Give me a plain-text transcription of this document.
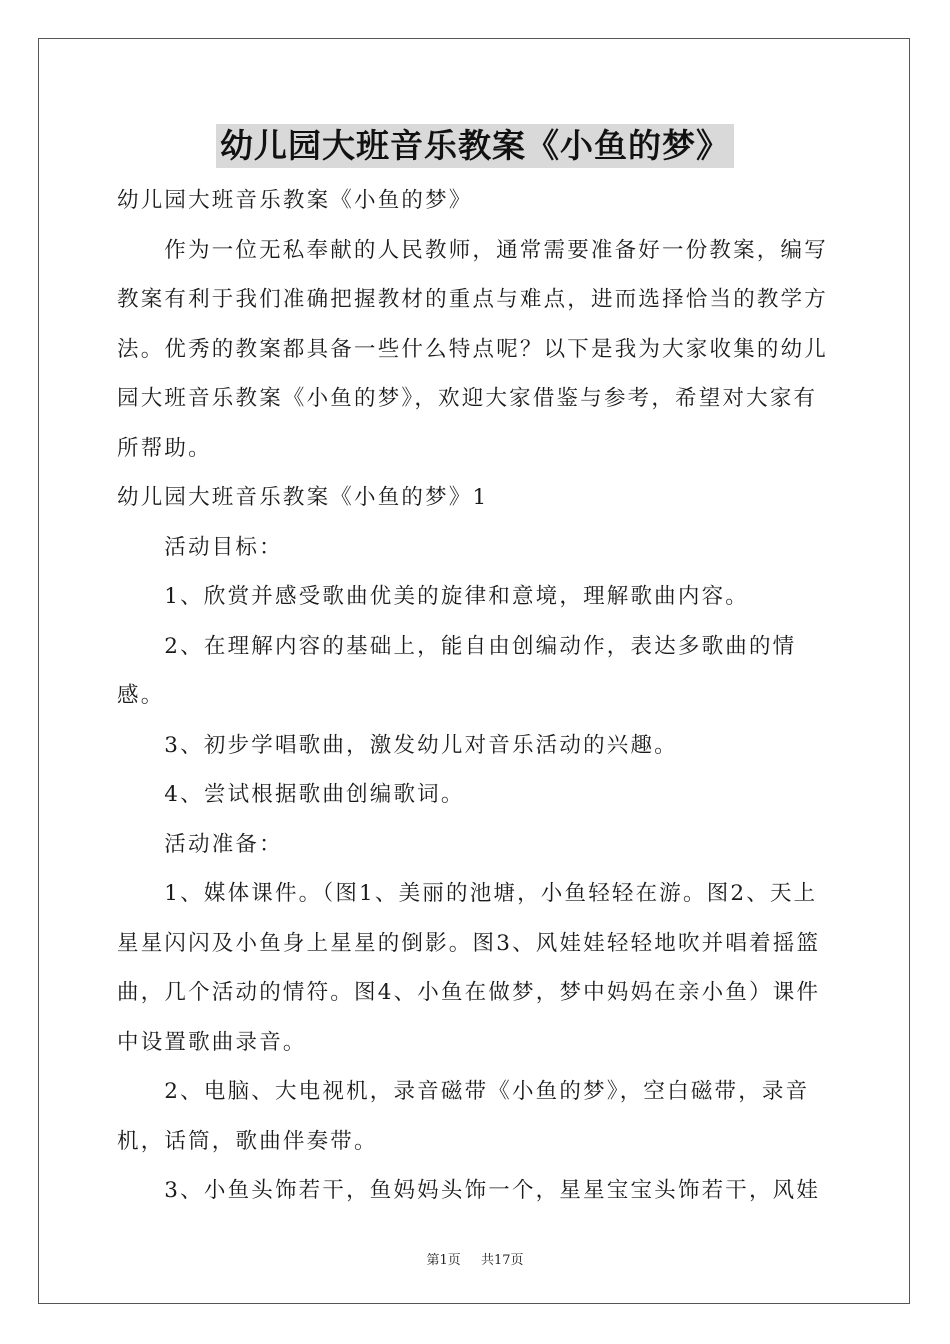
幼儿园大班音乐教案《小鱼的梦》

幼儿园大班音乐教案《小鱼的梦》

作为一位无私奉献的人民教师，通常需要准备好一份教案，编写教案有利于我们准确把握教材的重点与难点，进而选择恰当的教学方法。优秀的教案都具备一些什么特点呢？以下是我为大家收集的幼儿园大班音乐教案《小鱼的梦》，欢迎大家借鉴与参考，希望对大家有所帮助。

幼儿园大班音乐教案《小鱼的梦》1

活动目标：

1、欣赏并感受歌曲优美的旋律和意境，理解歌曲内容。

2、在理解内容的基础上，能自由创编动作，表达多歌曲的情感。

3、初步学唱歌曲，激发幼儿对音乐活动的兴趣。

4、尝试根据歌曲创编歌词。

活动准备：

1、媒体课件。（图1、美丽的池塘，小鱼轻轻在游。图2、天上星星闪闪及小鱼身上星星的倒影。图3、风娃娃轻轻地吹并唱着摇篮曲，几个活动的情符。图4、小鱼在做梦，梦中妈妈在亲小鱼）课件中设置歌曲录音。

2、电脑、大电视机，录音磁带《小鱼的梦》，空白磁带，录音机，话筒，歌曲伴奏带。

3、小鱼头饰若干，鱼妈妈头饰一个，星星宝宝头饰若干，风娃

第1页 共17页
